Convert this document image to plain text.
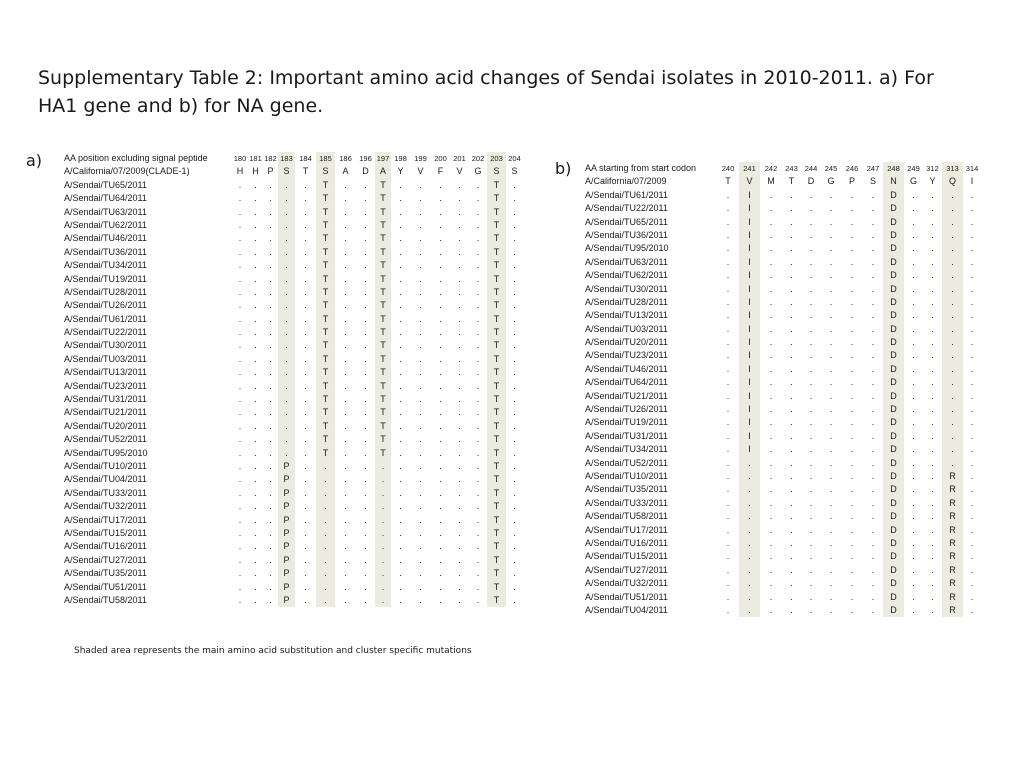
Supplementary Table 2: Important amino acid changes of Sendai isolates in 2010-2011. a) For HA1 gene and b) for NA gene.
a) AA position excluding signal peptide
A/California/07/2009(CLADE-1)
A/Sendai/TU65/2011
A/Sendai/TU64/2011
A/Sendai/TU63/2011
A/Sendai/TU62/2011
A/Sendai/TU46/2011
A/Sendai/TU36/2011
A/Sendai/TU34/2011
A/Sendai/TU19/2011
A/Sendai/TU28/2011
A/Sendai/TU26/2011
A/Sendai/TU61/2011
A/Sendai/TU22/2011
A/Sendai/TU30/2011
A/Sendai/TU03/2011
A/Sendai/TU13/2011
A/Sendai/TU23/2011
A/Sendai/TU31/2011
A/Sendai/TU21/2011
A/Sendai/TU20/2011
A/Sendai/TU52/2011
A/Sendai/TU95/2010
A/Sendai/TU10/2011
A/Sendai/TU04/2011
A/Sendai/TU33/2011
A/Sendai/TU32/2011
A/Sendai/TU17/2011
A/Sendai/TU15/2011
A/Sendai/TU16/2011
A/Sendai/TU27/2011
A/Sendai/TU35/2011
A/Sendai/TU51/2011
A/Sendai/TU58/2011
180
H
.
.
.
.
.
.
.
.
.
.
.
.
.
.
.
.
.
.
.
.
.
.
.
.
.
.
.
.
.
.
.
.
181
H
.
.
.
.
.
.
.
.
.
.
.
.
.
.
.
.
.
.
.
.
.
.
.
.
.
.
.
.
.
.
.
.
182
P
.
.
.
.
.
.
.
.
.
.
.
.
.
.
.
.
.
.
.
.
.
.
.
.
.
.
.
.
.
.
.
.
183
S
.
.
.
.
.
.
.
.
.
.
.
.
.
.
.
.
.
.
.
.
.
P
P
P
P
P
P
P
P
P
P
P
184
T
.
.
.
.
.
.
.
.
.
.
.
.
.
.
.
.
.
.
.
.
.
.
.
.
.
.
.
.
.
.
.
.
185
S
T
T
T
T
T
T
T
T
T
T
T
T
T
T
T
T
T
T
T
T
T
.
.
.
.
.
.
.
.
.
.
.
186
A
.
.
.
.
.
.
.
.
.
.
.
.
.
.
.
.
.
.
.
.
.
.
.
.
.
.
.
.
.
.
.
.
196
D
.
.
.
.
.
.
.
.
.
.
.
.
.
.
.
.
.
.
.
.
.
.
.
.
.
.
.
.
.
.
.
.
197
A
T
T
T
T
T
T
T
T
T
T
T
T
T
T
T
T
T
T
T
T
T
.
.
.
.
.
.
.
.
.
.
.
198
Y
.
.
.
.
.
.
.
.
.
.
.
.
.
.
.
.
.
.
.
.
.
.
.
.
.
.
.
.
.
.
.
.
199
V
.
.
.
.
.
.
.
.
.
.
.
.
.
.
.
.
.
.
.
.
.
.
.
.
.
.
.
.
.
.
.
.
200
F
.
.
.
.
.
.
.
.
.
.
.
.
.
.
.
.
.
.
.
.
.
.
.
.
.
.
.
.
.
.
.
.
201
V
.
.
.
.
.
.
.
.
.
.
.
.
.
.
.
.
.
.
.
.
.
.
.
.
.
.
.
.
.
.
.
.
202
G
.
.
.
.
.
.
.
.
.
.
.
.
.
.
.
.
.
.
.
.
.
.
.
.
.
.
.
.
.
.
.
.
203
S
T
T
T
T
T
T
T
T
T
T
T
T
T
T
T
T
T
T
T
T
T
T
T
T
T
T
T
T
T
T
T
T
204
S
.
.
.
.
.
.
.
.
.
.
.
.
.
.
.
.
.
.
.
.
.
.
.
.
.
.
.
.
.
.
.
.
b) AA starting from start codon
A/California/07/2009
A/Sendai/TU61/2011
A/Sendai/TU22/2011
A/Sendai/TU65/2011
A/Sendai/TU36/2011
A/Sendai/TU95/2010
A/Sendai/TU63/2011
A/Sendai/TU62/2011
A/Sendai/TU30/2011
A/Sendai/TU28/2011
A/Sendai/TU13/2011
A/Sendai/TU03/2011
A/Sendai/TU20/2011
A/Sendai/TU23/2011
A/Sendai/TU46/2011
A/Sendai/TU64/2011
A/Sendai/TU21/2011
A/Sendai/TU26/2011
A/Sendai/TU19/2011
A/Sendai/TU31/2011
A/Sendai/TU34/2011
A/Sendai/TU52/2011
A/Sendai/TU10/2011
A/Sendai/TU35/2011
A/Sendai/TU33/2011
A/Sendai/TU58/2011
A/Sendai/TU17/2011
A/Sendai/TU16/2011
A/Sendai/TU15/2011
A/Sendai/TU27/2011
A/Sendai/TU32/2011
A/Sendai/TU51/2011
A/Sendai/TU04/2011
240
T
.
.
.
.
.
.
.
.
.
.
.
.
.
.
.
.
.
.
.
.
.
.
.
.
.
.
.
.
.
.
.
.
241
V
I
I
I
I
I
I
I
I
I
I
I
I
I
I
I
I
I
I
I
I
.
.
.
.
.
.
.
.
.
.
.
.
242
M
.
.
.
.
.
.
.
.
.
.
.
.
.
.
.
.
.
.
.
.
.
.
.
.
.
.
.
.
.
.
.
.
243
T
.
.
.
.
.
.
.
.
.
.
.
.
.
.
.
.
.
.
.
.
.
.
.
.
.
.
.
.
.
.
.
.
244
D
.
.
.
.
.
.
.
.
.
.
.
.
.
.
.
.
.
.
.
.
.
.
.
.
.
.
.
.
.
.
.
.
245
G
.
.
.
.
.
.
.
.
.
.
.
.
.
.
.
.
.
.
.
.
.
.
.
.
.
.
.
.
.
.
.
.
246
P
.
.
.
.
.
.
.
.
.
.
.
.
.
.
.
.
.
.
.
.
.
.
.
.
.
.
.
.
.
.
.
.
247
S
.
.
.
.
.
.
.
.
.
.
.
.
.
.
.
.
.
.
.
.
.
.
.
.
.
.
.
.
.
.
.
.
248
N
D
D
D
D
D
D
D
D
D
D
D
D
D
D
D
D
D
D
D
D
D
D
D
D
D
D
D
D
D
D
D
D
249
G
.
.
.
.
.
.
.
.
.
.
.
.
.
.
.
.
.
.
.
.
.
.
.
.
.
.
.
.
.
.
.
.
312
Y
.
.
.
.
.
.
.
.
.
.
.
.
.
.
.
.
.
.
.
.
.
.
.
.
.
.
.
.
.
.
.
.
313
Q
.
.
.
.
.
.
.
.
.
.
.
.
.
.
.
.
.
.
.
.
.
R
R
R
R
R
R
R
R
R
R
R
314
I
.
.
.
.
.
.
.
.
.
.
.
.
.
.
.
.
.
.
.
.
.
.
.
.
.
.
.
.
.
.
.
.
Shaded area represents the main amino acid substitution and cluster specific mutations
